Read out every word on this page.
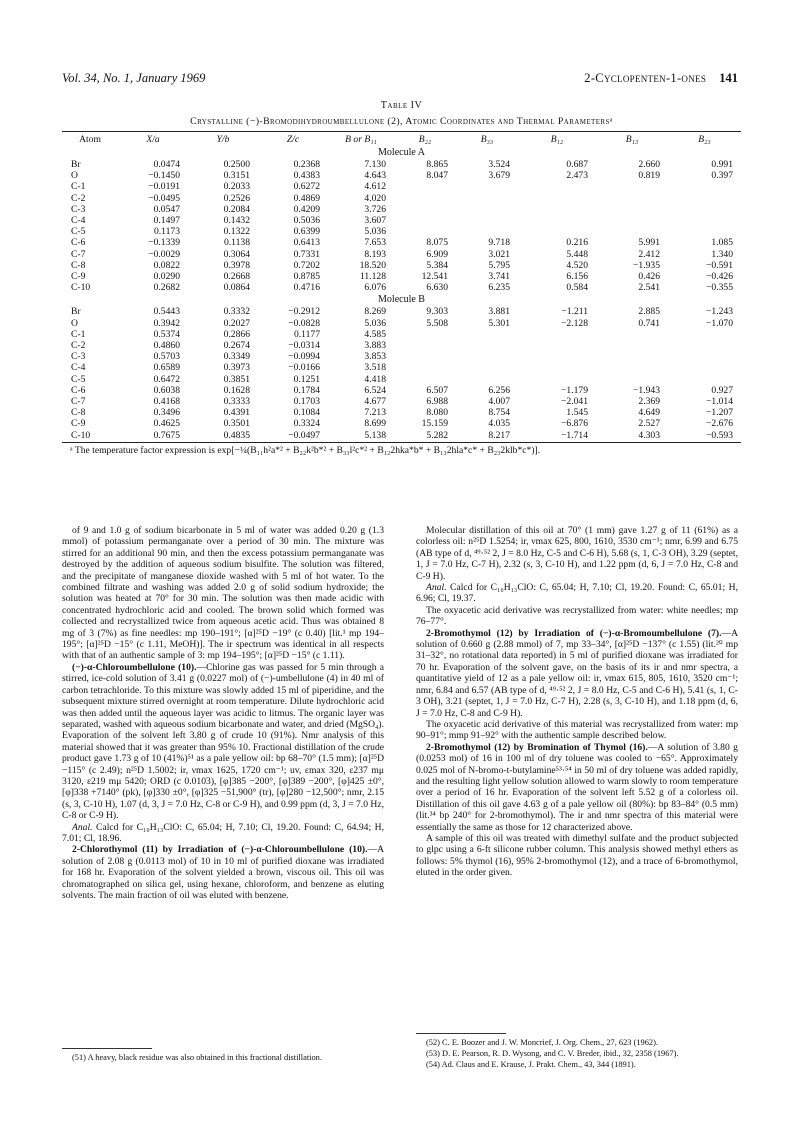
Vol. 34, No. 1, January 1969	2-Cyclopenten-1-ones 141
Table IV
Crystalline (−)-Bromodihydroumbellulone (2), Atomic Coordinates and Thermal Parametersᵃ
Atom	X/a	Y/b	Z/c	B or B₁₁	B₂₂	B₃₃	B₁₂	B₁₃	B₂₃
Molecule A									
Br	0.0474	0.2500	0.2368	7.130	8.865	3.524	0.687	2.660	0.991
O	−0.1450	0.3151	0.4383	4.643	8.047	3.679	2.473	0.819	0.397
C-1	−0.0191	0.2033	0.6272	4.612					
C-2	−0.0495	0.2526	0.4869	4.020					
C-3	0.0547	0.2084	0.4209	3.726					
C-4	0.1497	0.1432	0.5036	3.607					
C-5	0.1173	0.1322	0.6399	5.036					
C-6	−0.1339	0.1138	0.6413	7.653	8.075	9.718	0.216	5.991	1.085
C-7	−0.0029	0.3064	0.7331	8.193	6.909	3.021	5.448	2.412	1.340
C-8	0.0822	0.3978	0.7202	18.520	5.384	5.795	4.520	−1.935	−0.591
C-9	0.0290	0.2668	0.8785	11.128	12.541	3.741	6.156	0.426	−0.426
C-10	0.2682	0.0864	0.4716	6.076	6.630	6.235	0.584	2.541	−0.355
Molecule B									
Br	0.5443	0.3332	−0.2912	8.269	9.303	3.881	−1.211	2.885	−1.243
O	0.3942	0.2027	−0.0828	5.036	5.508	5.301	−2.128	0.741	−1.070
C-1	0.5374	0.2866	0.1177	4.585					
C-2	0.4860	0.2674	−0.0314	3.883					
C-3	0.5703	0.3349	−0.0994	3.853					
C-4	0.6589	0.3973	−0.0166	3.518					
C-5	0.6472	0.3851	0.1251	4.418					
C-6	0.6038	0.1628	0.1784	6.524	6.507	6.256	−1.179	−1.943	0.927
C-7	0.4168	0.3333	0.1703	4.677	6.988	4.007	−2.041	2.369	−1.014
C-8	0.3496	0.4391	0.1084	7.213	8.080	8.754	1.545	4.649	−1.207
C-9	0.4625	0.3501	0.3324	8.699	15.159	4.035	−6.876	2.527	−2.676
C-10	0.7675	0.4835	−0.0497	5.138	5.282	8.217	−1.714	4.303	−0.593
ᵃ The temperature factor expression is exp[−¼(B₁₁h²a*² + B₂₂k²b*² + B₃₃l²c*² + B₁₂2hka*b* + B₁₃2hla*c* + B₂₃2klb*c*)].

of 9 and 1.0 g of sodium bicarbonate in 5 ml of water was added 0.20 g (1.3 mmol) of potassium permanganate over a period of 30 min. The mixture was stirred for an additional 90 min, and then the excess potassium permanganate was destroyed by the addition of aqueous sodium bisulfite. The solution was filtered, and the precipitate of manganese dioxide washed with 5 ml of hot water. To the combined filtrate and washing was added 2.0 g of solid sodium hydroxide; the solution was heated at 70° for 30 min. The solution was then made acidic with concentrated hydrochloric acid and cooled. The brown solid which formed was collected and recrystallized twice from aqueous acetic acid. Thus was obtained 8 mg of 3 (7%) as fine needles: mp 190–191°; [α]²⁵D −19° (c 0.40) [lit.¹ mp 194–195°; [α]²⁵D −15° (c 1.11, MeOH)]. The ir spectrum was identical in all respects with that of an authentic sample of 3: mp 194–195°; [α]²⁵D −15° (c 1.11).

(−)-α-Chloroumbellulone (10).—Chlorine gas was passed for 5 min through a stirred, ice-cold solution of 3.41 g (0.0227 mol) of (−)-umbellulone (4) in 40 ml of carbon tetrachloride. To this mixture was slowly added 15 ml of piperidine, and the subsequent mixture stirred overnight at room temperature. Dilute hydrochloric acid was then added until the aqueous layer was acidic to litmus. The organic layer was separated, washed with aqueous sodium bicarbonate and water, and dried (MgSO₄). Evaporation of the solvent left 3.80 g of crude 10 (91%). Nmr analysis of this material showed that it was greater than 95% 10. Fractional distillation of the crude product gave 1.73 g of 10 (41%)⁵¹ as a pale yellow oil: bp 68–70° (1.5 mm); [α]²⁵D −115° (c 2.49); n²⁵D 1.5002; ir, νmax 1625, 1720 cm⁻¹; uv, εmax 320, ε237 mμ 3120, ε219 mμ 5420; ORD (c 0.0103), [φ]385 −200°, [φ]389 −200°, [φ]425 ±0°, [φ]338 +7140° (pk), [φ]330 ±0°, [φ]325 −51,900° (tr), [φ]280 −12,500°; nmr, 2.15 (s, 3, C-10 H), 1.07 (d, 3, J = 7.0 Hz, C-8 or C-9 H), and 0.99 ppm (d, 3, J = 7.0 Hz, C-8 or C-9 H).

Anal. Calcd for C₁₀H₁₃ClO: C, 65.04; H, 7.10; Cl, 19.20. Found: C, 64.94; H, 7.01; Cl, 18.96.

2-Chlorothymol (11) by Irradiation of (−)-α-Chloroumbellulone (10).—A solution of 2.08 g (0.0113 mol) of 10 in 10 ml of purified dioxane was irradiated for 168 hr. Evaporation of the solvent yielded a brown, viscous oil. This oil was chromatographed on silica gel, using hexane, chloroform, and benzene as eluting solvents. The main fraction of oil was eluted with benzene.

(51) A heavy, black residue was also obtained in this fractional distillation.

Molecular distillation of this oil at 70° (1 mm) gave 1.27 g of 11 (61%) as a colorless oil: n²⁵D 1.5254; ir, νmax 625, 800, 1610, 3530 cm⁻¹; nmr, 6.99 and 6.75 (AB type of d, ⁴⁹·⁵² 2, J = 8.0 Hz, C-5 and C-6 H), 5.68 (s, 1, C-3 OH), 3.29 (septet, 1, J = 7.0 Hz, C-7 H), 2.32 (s, 3, C-10 H), and 1.22 ppm (d, 6, J = 7.0 Hz, C-8 and C-9 H).

Anal. Calcd for C₁₀H₁₃ClO: C, 65.04; H, 7.10; Cl, 19.20. Found: C, 65.01; H, 6.96; Cl, 19.37.

The oxyacetic acid derivative was recrystallized from water: white needles; mp 76–77°.

2-Bromothymol (12) by Irradiation of (−)-α-Bromoumbellulone (7).—A solution of 0.660 g (2.88 mmol) of 7, mp 33–34°, [α]²⁵D −137° (c 1.55) (lit.²⁰ mp 31–32°, no rotational data reported) in 5 ml of purified dioxane was irradiated for 70 hr. Evaporation of the solvent gave, on the basis of its ir and nmr spectra, a quantitative yield of 12 as a pale yellow oil: ir, νmax 615, 805, 1610, 3520 cm⁻¹; nmr, 6.84 and 6.57 (AB type of d, ⁴⁹·⁵² 2, J = 8.0 Hz, C-5 and C-6 H), 5.41 (s, 1, C-3 OH), 3.21 (septet, 1, J = 7.0 Hz, C-7 H), 2.28 (s, 3, C-10 H), and 1.18 ppm (d, 6, J = 7.0 Hz, C-8 and C-9 H).

The oxyacetic acid derivative of this material was recrystallized from water: mp 90–91°; mmp 91–92° with the authentic sample described below.

2-Bromothymol (12) by Bromination of Thymol (16).—A solution of 3.80 g (0.0253 mol) of 16 in 100 ml of dry toluene was cooled to −65°. Approximately 0.025 mol of N-bromo-t-butylamine⁵³·⁵⁴ in 50 ml of dry toluene was added rapidly, and the resulting light yellow solution allowed to warm slowly to room temperature over a period of 16 hr. Evaporation of the solvent left 5.52 g of a colorless oil. Distillation of this oil gave 4.63 g of a pale yellow oil (80%): bp 83–84° (0.5 mm) (lit.³⁴ bp 240° for 2-bromothymol). The ir and nmr spectra of this material were essentially the same as those for 12 characterized above.

A sample of this oil was treated with dimethyl sulfate and the product subjected to glpc using a 6-ft silicone rubber column. This analysis showed methyl ethers as follows: 5% thymol (16), 95% 2-bromothymol (12), and a trace of 6-bromothymol, eluted in the order given.

(52) C. E. Boozer and J. W. Moncrief, J. Org. Chem., 27, 623 (1962).

(53) D. E. Pearson, R. D. Wysong, and C. V. Breder, ibid., 32, 2358 (1967).

(54) Ad. Claus and E. Krause, J. Prakt. Chem., 43, 344 (1891).
